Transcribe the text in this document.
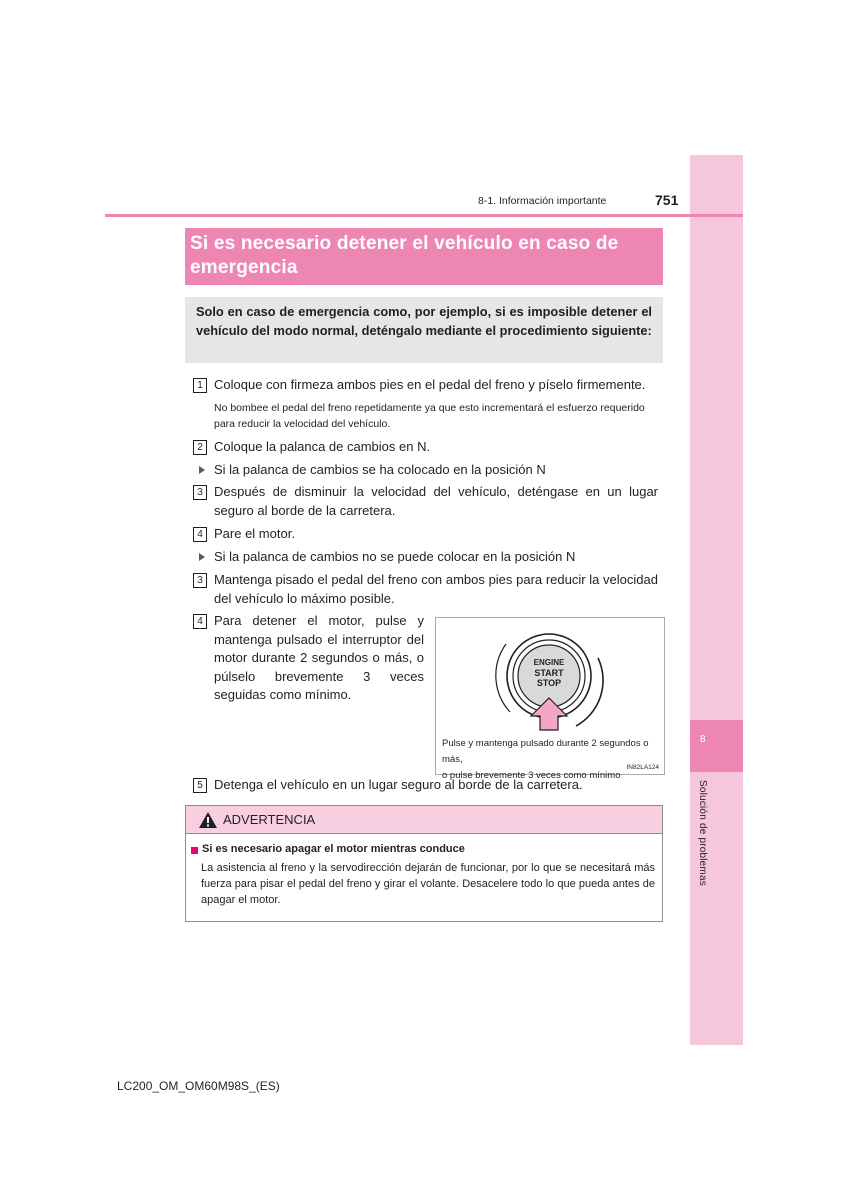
8
Solución de problemas
8-1. Información importante	751
Si es necesario detener el vehículo en caso de emergencia
Solo en caso de emergencia como, por ejemplo, si es imposible detener el vehículo del modo normal, deténgalo mediante el procedimiento siguiente:
1 Coloque con firmeza ambos pies en el pedal del freno y píselo firmemente.
No bombee el pedal del freno repetidamente ya que esto incrementará el esfuerzo requerido para reducir la velocidad del vehículo.
2 Coloque la palanca de cambios en N.
Si la palanca de cambios se ha colocado en la posición N
3 Después de disminuir la velocidad del vehículo, deténgase en un lugar seguro al borde de la carretera.
4 Pare el motor.
Si la palanca de cambios no se puede colocar en la posición N
3 Mantenga pisado el pedal del freno con ambos pies para reducir la velocidad del vehículo lo máximo posible.
4 Para detener el motor, pulse y mantenga pulsado el interruptor del motor durante 2 segundos o más, o púlselo brevemente 3 veces seguidas como mínimo.
ENGINE
START
STOP
Pulse y mantenga pulsado durante 2 segundos o más,
o pulse brevemente 3 veces como mínimo
IN82LA124
5 Detenga el vehículo en un lugar seguro al borde de la carretera.
ADVERTENCIA
Si es necesario apagar el motor mientras conduce
La asistencia al freno y la servodirección dejarán de funcionar, por lo que se necesitará más fuerza para pisar el pedal del freno y girar el volante. Desacelere todo lo que pueda antes de apagar el motor.
LC200_OM_OM60M98S_(ES)
